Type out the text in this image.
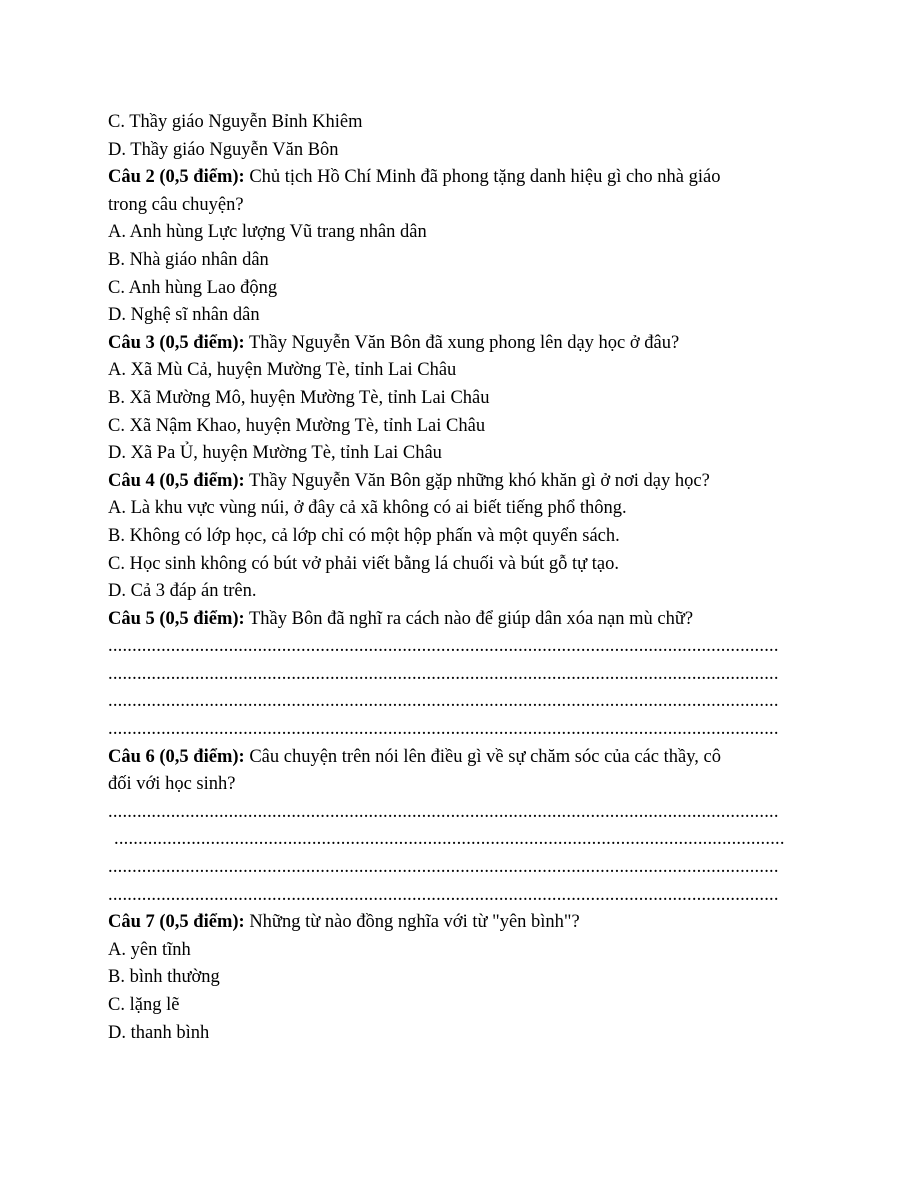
C. Thầy giáo Nguyễn Bỉnh Khiêm
D. Thầy giáo Nguyễn Văn Bôn
Câu 2 (0,5 điểm): Chủ tịch Hồ Chí Minh đã phong tặng danh hiệu gì cho nhà giáo
trong câu chuyện?
A. Anh hùng Lực lượng Vũ trang nhân dân
B. Nhà giáo nhân dân
C. Anh hùng Lao động
D. Nghệ sĩ nhân dân
Câu 3 (0,5 điểm): Thầy Nguyễn Văn Bôn đã xung phong lên dạy học ở đâu?
A. Xã Mù Cả, huyện Mường Tè, tỉnh Lai Châu
B. Xã Mường Mô, huyện Mường Tè, tỉnh Lai Châu
C. Xã Nậm Khao, huyện Mường Tè, tỉnh Lai Châu
D. Xã Pa Ủ, huyện Mường Tè, tỉnh Lai Châu
Câu 4 (0,5 điểm): Thầy Nguyễn Văn Bôn gặp những khó khăn gì ở nơi dạy học?
A. Là khu vực vùng núi, ở đây cả xã không có ai biết tiếng phổ thông.
B. Không có lớp học, cả lớp chỉ có một hộp phấn và một quyển sách.
C. Học sinh không có bút vở phải viết bằng lá chuối và bút gỗ tự tạo.
D. Cả 3 đáp án trên.
Câu 5 (0,5 điểm): Thầy Bôn đã nghĩ ra cách nào để giúp dân xóa nạn mù chữ?
...........................................................................................................................................
...........................................................................................................................................
...........................................................................................................................................
...........................................................................................................................................
Câu 6 (0,5 điểm): Câu chuyện trên nói lên điều gì về sự chăm sóc của các thầy, cô
đối với học sinh?
...........................................................................................................................................
...........................................................................................................................................
...........................................................................................................................................
...........................................................................................................................................
Câu 7 (0,5 điểm): Những từ nào đồng nghĩa với từ "yên bình"?
A. yên tĩnh
B. bình thường
C. lặng lẽ
D. thanh bình
